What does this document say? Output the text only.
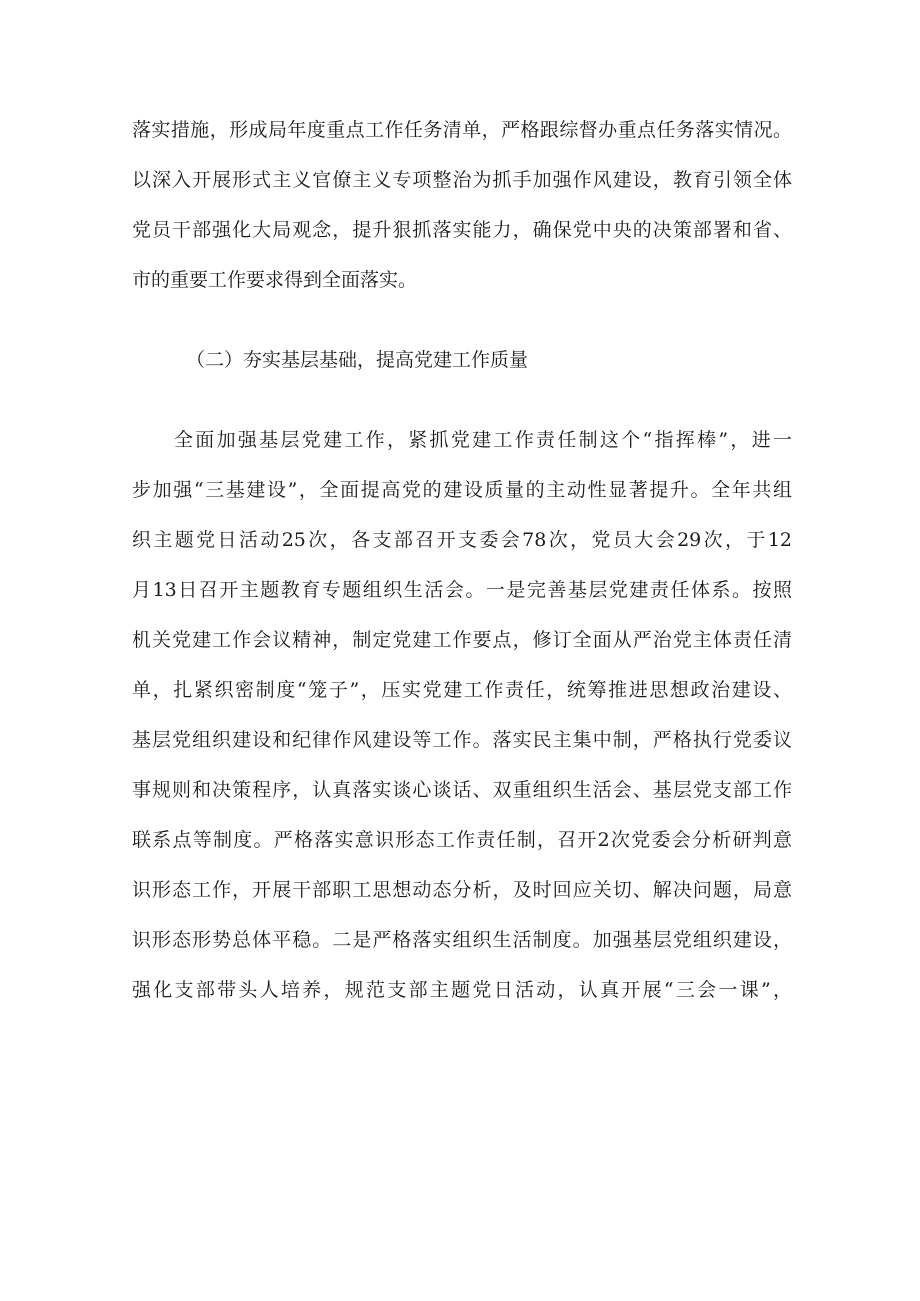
落实措施，形成局年度重点工作任务清单，严格跟综督办重点任务落实情况。
以深入开展形式主义官僚主义专项整治为抓手加强作风建设，教育引领全体
党员干部强化大局观念，提升狠抓落实能力，确保党中央的决策部署和省、
市的重要工作要求得到全面落实。
（二）夯实基层基础，提高党建工作质量
全面加强基层党建工作，紧抓党建工作责任制这个“指挥棒”，进一
步加强“三基建设”，全面提高党的建设质量的主动性显著提升。全年共组
织主题党日活动25次，各支部召开支委会78次，党员大会29次，于12
月13日召开主题教育专题组织生活会。一是完善基层党建责任体系。按照
机关党建工作会议精神，制定党建工作要点，修订全面从严治党主体责任清
单，扎紧织密制度“笼子”，压实党建工作责任，统筹推进思想政治建设、
基层党组织建设和纪律作风建设等工作。落实民主集中制，严格执行党委议
事规则和决策程序，认真落实谈心谈话、双重组织生活会、基层党支部工作
联系点等制度。严格落实意识形态工作责任制，召开2次党委会分析研判意
识形态工作，开展干部职工思想动态分析，及时回应关切、解决问题，局意
识形态形势总体平稳。二是严格落实组织生活制度。加强基层党组织建设，
强化支部带头人培养，规范支部主题党日活动，认真开展“三会一课”，
